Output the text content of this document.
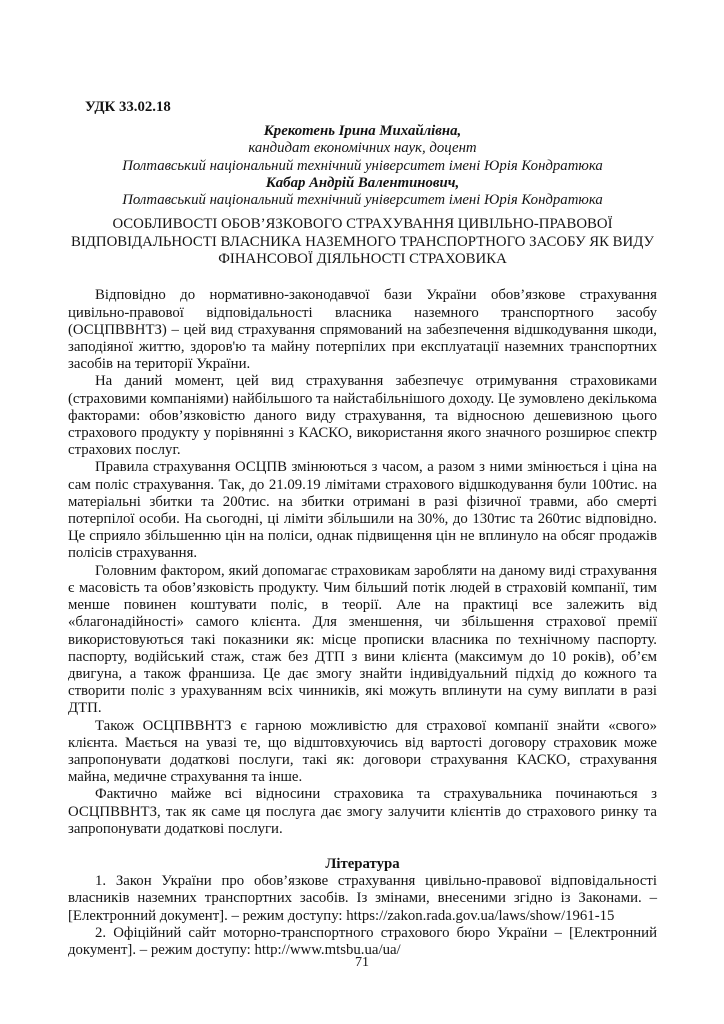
УДК 33.02.18
Крекотень Ірина Михайлівна,
кандидат економічних наук, доцент
Полтавський національний технічний університет імені Юрія Кондратюка
Кабар Андрій Валентинович,
Полтавський національний технічний університет імені Юрія Кондратюка
ОСОБЛИВОСТІ ОБОВ’ЯЗКОВОГО СТРАХУВАННЯ ЦИВІЛЬНО-ПРАВОВОЇ ВІДПОВІДАЛЬНОСТІ ВЛАСНИКА НАЗЕМНОГО ТРАНСПОРТНОГО ЗАСОБУ ЯК ВИДУ ФІНАНСОВОЇ ДІЯЛЬНОСТІ СТРАХОВИКА

Відповідно до нормативно-законодавчої бази України обов’язкове страхування цивільно-правової відповідальності власника наземного транспортного засобу (ОСЦПВВНТЗ) – цей вид страхування спрямований на забезпечення відшкодування шкоди, заподіяної життю, здоров'ю та майну потерпілих при експлуатації наземних транспортних засобів на території України.

На даний момент, цей вид страхування забезпечує отримування страховиками (страховими компаніями) найбільшого та найстабільнішого доходу. Це зумовлено декількома факторами: обов’язковістю даного виду страхування, та відносною дешевизною цього страхового продукту у порівнянні з КАСКО, використання якого значного розширює спектр страхових послуг.

Правила страхування ОСЦПВ змінюються з часом, а разом з ними змінюється і ціна на сам поліс страхування. Так, до 21.09.19 лімітами страхового відшкодування були 100тис. на матеріальні збитки та 200тис. на збитки отримані в разі фізичної травми, або смерті потерпілої особи. На сьогодні, ці ліміти збільшили на 30%, до 130тис та 260тис відповідно. Це сприяло збільшенню цін на поліси, однак підвищення цін не вплинуло на обсяг продажів полісів страхування.

Головним фактором, який допомагає страховикам заробляти на даному виді страхування є масовість та обов’язковість продукту. Чим більший потік людей в страховій компанії, тим менше повинен коштувати поліс, в теорії. Але на практиці все залежить від «благонадійності» самого клієнта. Для зменшення, чи збільшення страхової премії використовуються такі показники як: місце прописки власника по технічному паспорту. паспорту, водійський стаж, стаж без ДТП з вини клієнта (максимум до 10 років), об’єм двигуна, а також франшиза. Це дає змогу знайти індивідуальний підхід до кожного та створити поліс з урахуванням всіх чинників, які можуть вплинути на суму виплати в разі ДТП.

Також ОСЦПВВНТЗ є гарною можливістю для страхової компанії знайти «свого» клієнта. Мається на увазі те, що відштовхуючись від вартості договору страховик може запропонувати додаткові послуги, такі як: договори страхування КАСКО, страхування майна, медичне страхування та інше.

Фактично майже всі відносини страховика та страхувальника починаються з ОСЦПВВНТЗ, так як саме ця послуга дає змогу залучити клієнтів до страхового ринку та запропонувати додаткові послуги.

Література

1. Закон України про обов’язкове страхування цивільно-правової відповідальності власників наземних транспортних засобів. Із змінами, внесеними згідно із Законами. – [Електронний документ]. – режим доступу: https://zakon.rada.gov.ua/laws/show/1961-15

2. Офіційний сайт моторно-транспортного страхового бюро України – [Електронний документ]. – режим доступу: http://www.mtsbu.ua/ua/

71
